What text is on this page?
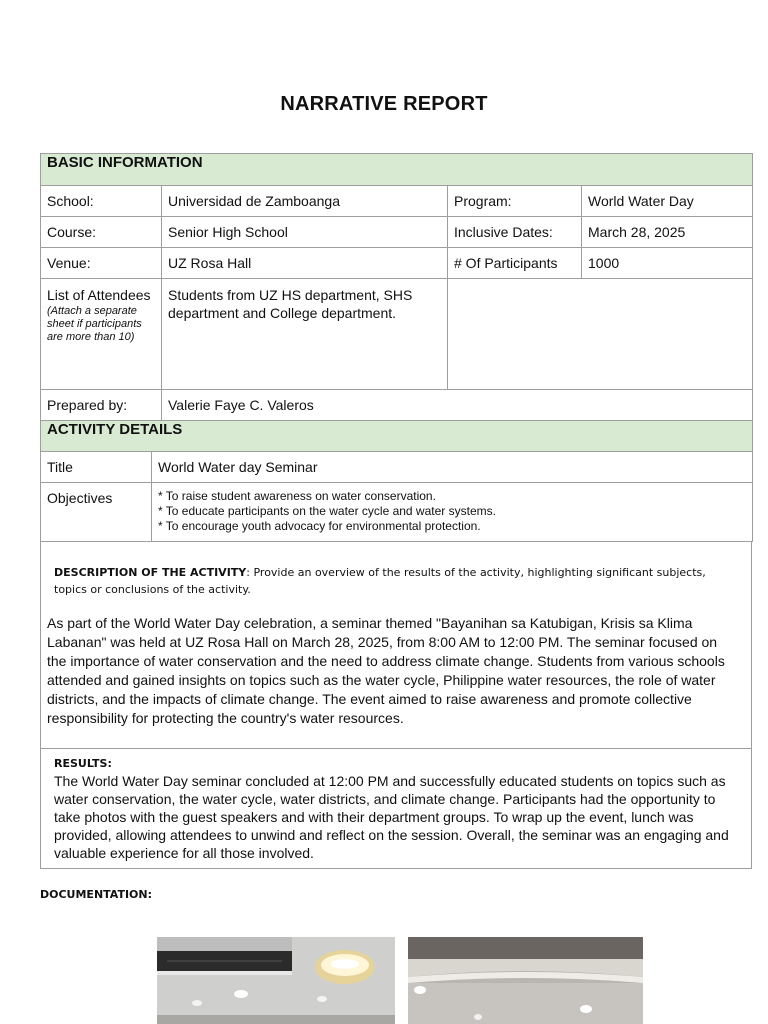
NARRATIVE REPORT
BASIC INFORMATION			
School:	Universidad de Zamboanga	Program:	World Water Day
Course:	Senior High School	Inclusive Dates:	March 28, 2025
Venue:	UZ Rosa Hall	# Of Participants	1000

List of Attendees
(Attach a separate sheet if participants are more than 10)	Students from UZ HS department, SHS department and College department.		
Prepared by:	Valerie Faye C. Valeros		
ACTIVITY DETAILS	
Title	World Water day Seminar
Objectives	* To raise student awareness on water conservation.
* To educate participants on the water cycle and water systems.
* To encourage youth advocacy for environmental protection.
DESCRIPTION OF THE ACTIVITY: Provide an overview of the results of the activity, highlighting significant subjects, topics or conclusions of the activity.
As part of the World Water Day celebration, a seminar themed "Bayanihan sa Katubigan, Krisis sa Klima Labanan" was held at UZ Rosa Hall on March 28, 2025, from 8:00 AM to 12:00 PM. The seminar focused on the importance of water conservation and the need to address climate change. Students from various schools attended and gained insights on topics such as the water cycle, Philippine water resources, the role of water districts, and the impacts of climate change. The event aimed to raise awareness and promote collective responsibility for protecting the country's water resources.
RESULTS:
The World Water Day seminar concluded at 12:00 PM and successfully educated students on topics such as water conservation, the water cycle, water districts, and climate change. Participants had the opportunity to take photos with the guest speakers and with their department groups. To wrap up the event, lunch was provided, allowing attendees to unwind and reflect on the session. Overall, the seminar was an engaging and valuable experience for all those involved.
DOCUMENTATION:
